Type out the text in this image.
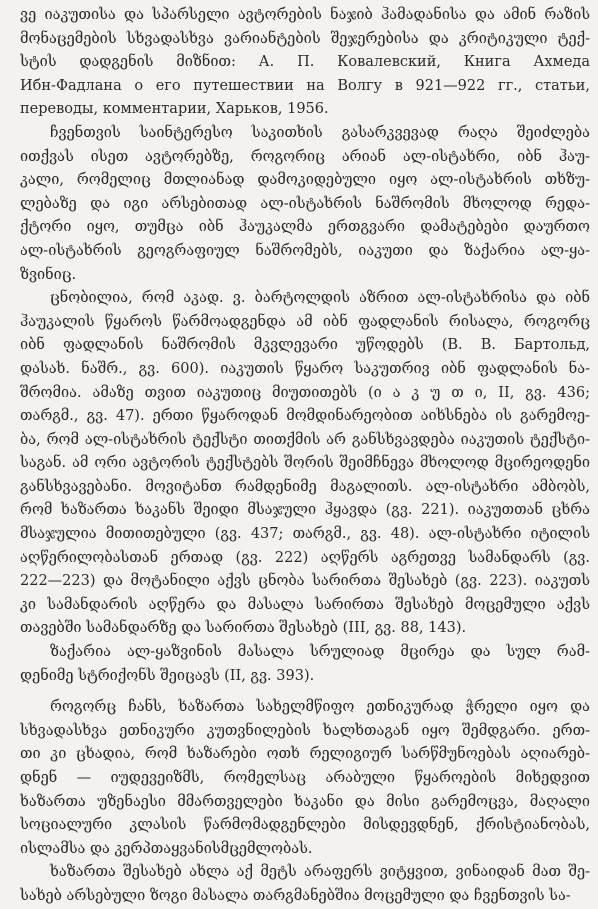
ვე იაკუთისა და სპარსელი ავტორების ნაჯიბ ჰამადანისა და ამინ რაზის
მონაცემების სხვადასხვა ვარიანტების შეჯერებისა და კრიტიკული ტექ-
სტის დადგენის მიზნით: А. П. Ковалевский, Книга Ахмеда
Ибн-Фадлана о его путешествии на Волгу в 921—922 гг., статьи,
переводы, комментарии, Харьков, 1956.
ჩვენთვის საინტერესო საკითხის გასარკვევად რაღა შეიძლება
ითქვას ისეთ ავტორებზე, როგორიც არიან ალ-ისტახრი, იბნ ჰაუ-
კალი, რომელიც მთლიანად დამოკიდებული იყო ალ-ისტახრის თხზუ-
ლებაზე და იგი არსებითად ალ-ისტახრის ნაშრომის მხოლოდ რედა-
ქტორი იყო, თუმცა იბნ ჰაუკალმა ერთგვარი დამატებები დაურთო
ალ-ისტახრის გეოგრაფიულ ნაშრომებს, იაკუთი და ზაქარია ალ-ყა-
ზვინიც.
ცნობილია, რომ აკად. ვ. ბარტოლდის აზრით ალ-ისტახრისა და იბნ
ჰაუკალის წყაროს წარმოადგენდა ამ იბნ ფადლანის რისალა, როგორც
იბნ ფადლანის ნაშრომის მკვლევარი უწოდებს (В. В. Бартольд,
დასახ. ნაშრ., გვ. 600). იაკუთის წყარო საკუთრივ იბნ ფადლანის ნა-
შრომია. ამაზე თვით იაკუთიც მიუთითებს (ი ა კ უ თ ი, II, გვ. 436;
თარგმ., გვ. 47). ერთი წყაროდან მომდინარეობით აიხსნება ის გარემოე-
ბა, რომ ალ-ისტახრის ტექსტი თითქმის არ განსხვავდება იაკუთის ტექსტი-
საგან. ამ ორი ავტორის ტექსტებს შორის შეიმჩნევა მხოლოდ მცირეოდენი
განსხვავებანი. მოვიტანთ რამდენიმე მაგალითს. ალ-ისტახრი ამბობს,
რომ ხაზართა ხაკანს შეიდი მსაჯული ჰყავდა (გვ. 221). იაკუთთან ცხრა
მსაჯულია მითითებული (გვ. 437; თარგმ., გვ. 48). ალ-ისტახრი იტილის
აღწერილობასთან ერთად (გვ. 222) აღწერს აგრეთვე სამანდარს (გვ.
222—223) და მოტანილი აქვს ცნობა სარირთა შესახებ (გვ. 223). იაკუთს
კი სამანდარის აღწერა და მასალა სარირთა შესახებ მოცემული აქვს
თავებში სამანდარზე და სარირთა შესახებ (III, გვ. 88, 143).
ზაქარია ალ-ყაზვინის მასალა სრულიად მცირეა და სულ რამ-
დენიმე სტრიქონს შეიცავს (II, გვ. 393).
როგორც ჩანს, ხაზართა სახელმწიფო ეთნიკურად ჭრელი იყო და
სხვადასხვა ეთნიკური კუთვნილების ხალხთაგან იყო შემდგარი. ერთ-
თი კი ცხადია, რომ ხაზარები ოთხ რელიგიურ სარწმუნოებას აღიარებ-
დნენ — იუდევეიზმს, რომელსაც არაბული წყაროების მიხედვით
ხაზართა უზენაესი მმართველები ხაკანი და მისი გარემოცვა, მაღალი
სოციალური კლასის წარმომადგენლები მისდევდნენ, ქრისტიანობას,
ისლამსა და კერპთაყვანისმცემლობას.
ხაზართა შესახებ ახლა აქ მეტს არაფერს ვიტყვით, ვინაიდან მათ შე-
სახებ არსებული ზოგი მასალა თარგმანებშია მოცემული და ჩვენთვის სა-
